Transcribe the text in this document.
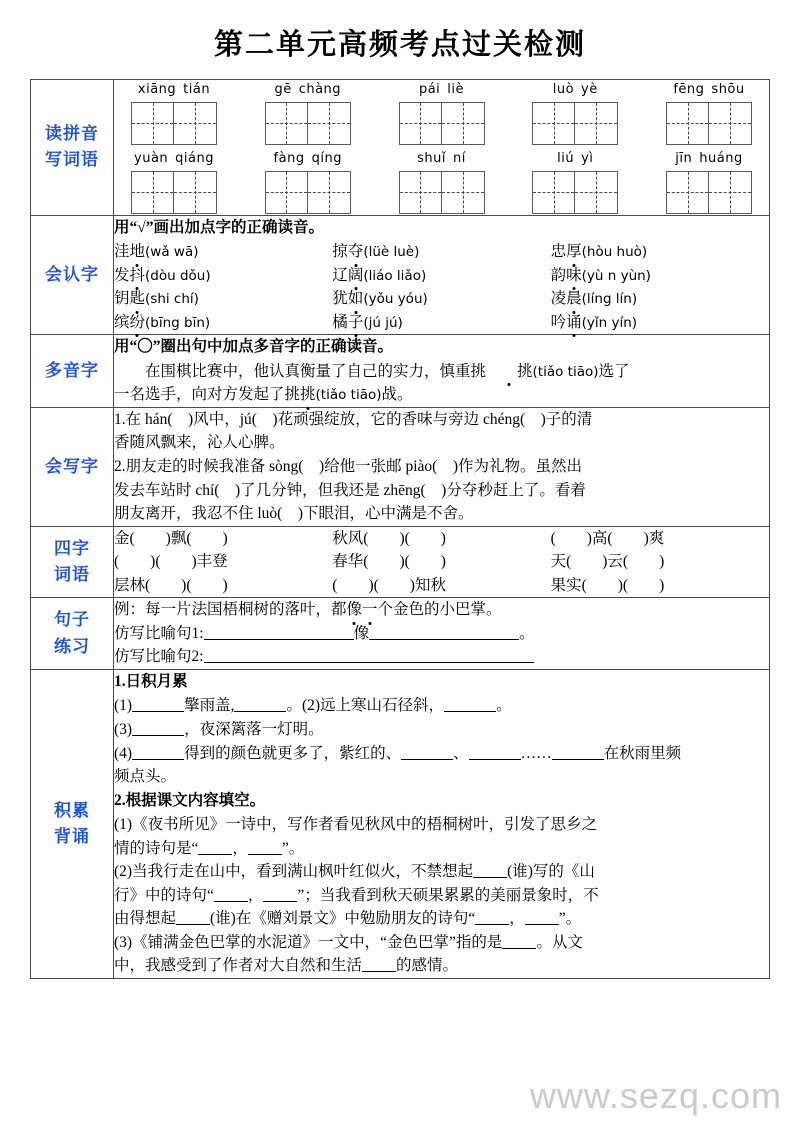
第二单元高频考点过关检测
读拼音
写词语

xiāng tián	gē chàng	pái liè	luò yè	fēng shōu
yuàn qiáng	fàng qíng	shuǐ ní	liú yì	jīn huáng

会认字

用“√”画出加点字的正确读音。
洼地(wǎ wā)	掠夺(lüè luè)	忠厚(hòu huò)
发抖(dòu dǒu)	辽阔(liáo liǎo)	韵味(yù n yùn)
钥匙(shi chí)	犹如(yǒu yóu)	凌晨(líng lín)
缤纷(bīng bīn)	橘子(jú jú)	吟诵(yǐn yín)

多音字	用“〇”圈出句中加点多音字的正确读音。
在围棋比赛中，他认真衡量了自己的实力，慎重挑 挑(tiǎo tiāo)选了
一名选手，向对方发起了挑挑(tiǎo tiāo)战。

会写字	1.在 hán(　)风中，jú(　)花顽强绽放，它的香味与旁边 chéng(　)子的清
香随风飘来，沁人心脾。
2.朋友走的时候我准备 sòng(　)给他一张邮 piào(　)作为礼物。虽然出
发去车站时 chí(　)了几分钟，但我还是 zhēng(　)分夺秒赶上了。看着
朋友离开，我忍不住 luò(　)下眼泪，心中满是不舍。

四字
词语

金(　　)飘(　　)	秋风(　　)(　　)	(　　)高(　　)爽
(　　)(　　)丰登	春华(　　)(　　)	天(　　)云(　　)
层林(　　)(　　)	(　　)(　　)知秋	果实(　　)(　　)

句子
练习

例：每一片法国梧桐树的落叶，都像一个金色的小巴掌。
仿写比喻句1:	像	。
仿写比喻句2:

积累
背诵

1.日积月累
(1)	擎雨盖,	。(2)远上寒山石径斜，	。
(3)	，夜深篱落一灯明。
(4)	得到的颜色就更多了，紫红的、	、	……	在秋雨里频
频点头。
2.根据课文内容填空。
(1)《夜书所见》一诗中，写作者看见秋风中的梧桐树叶，引发了思乡之
情的诗句是“ ， ”。
(2)当我行走在山中，看到满山枫叶红似火，不禁想起 (谁)写的《山
行》中的诗句“ ， ”；当我看到秋天硕果累累的美丽景象时，不
由得想起 (谁)在《赠刘景文》中勉励朋友的诗句“ ， ”。
(3)《铺满金色巴掌的水泥道》一文中，“金色巴掌”指的是 。从文
中，我感受到了作者对大自然和生活 的感情。
www.sezq.com
